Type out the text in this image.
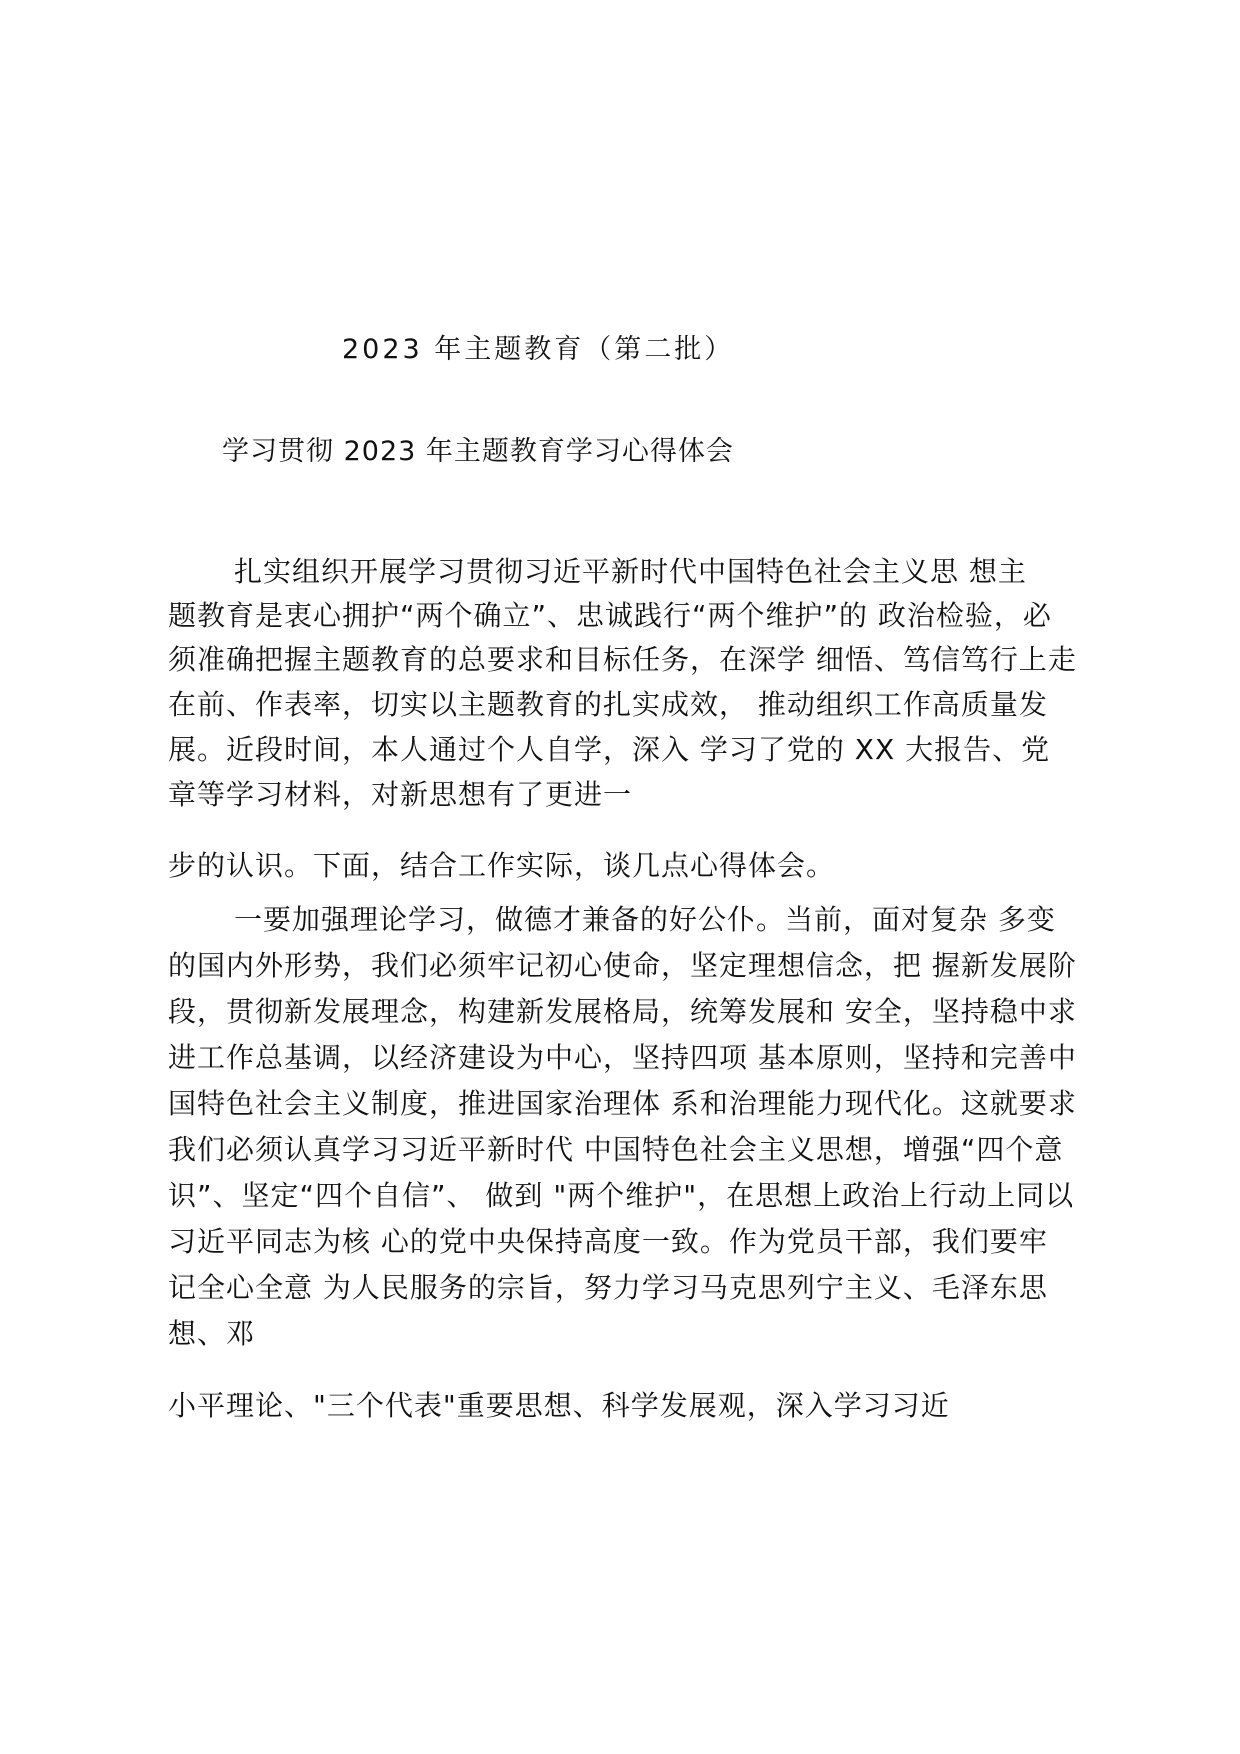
2023 年主题教育（第二批）
学习贯彻 2023 年主题教育学习心得体会
扎实组织开展学习贯彻习近平新时代中国特色社会主义思 想主
题教育是衷心拥护“两个确立”、忠诚践行“两个维护”的 政治检验，必
须准确把握主题教育的总要求和目标任务，在深学 细悟、笃信笃行上走
在前、作表率，切实以主题教育的扎实成效， 推动组织工作高质量发
展。近段时间，本人通过个人自学，深入 学习了党的 XX 大报告、党
章等学习材料，对新思想有了更进一
步的认识。下面，结合工作实际，谈几点心得体会。
一要加强理论学习，做德才兼备的好公仆。当前，面对复杂 多变
的国内外形势，我们必须牢记初心使命，坚定理想信念，把 握新发展阶
段，贯彻新发展理念，构建新发展格局，统筹发展和 安全，坚持稳中求
进工作总基调，以经济建设为中心，坚持四项 基本原则，坚持和完善中
国特色社会主义制度，推进国家治理体 系和治理能力现代化。这就要求
我们必须认真学习习近平新时代 中国特色社会主义思想，增强“四个意
识”、坚定“四个自信”、 做到 "两个维护"，在思想上政治上行动上同以
习近平同志为核 心的党中央保持高度一致。作为党员干部，我们要牢
记全心全意 为人民服务的宗旨，努力学习马克思列宁主义、毛泽东思
想、邓
小平理论、"三个代表"重要思想、科学发展观，深入学习习近
